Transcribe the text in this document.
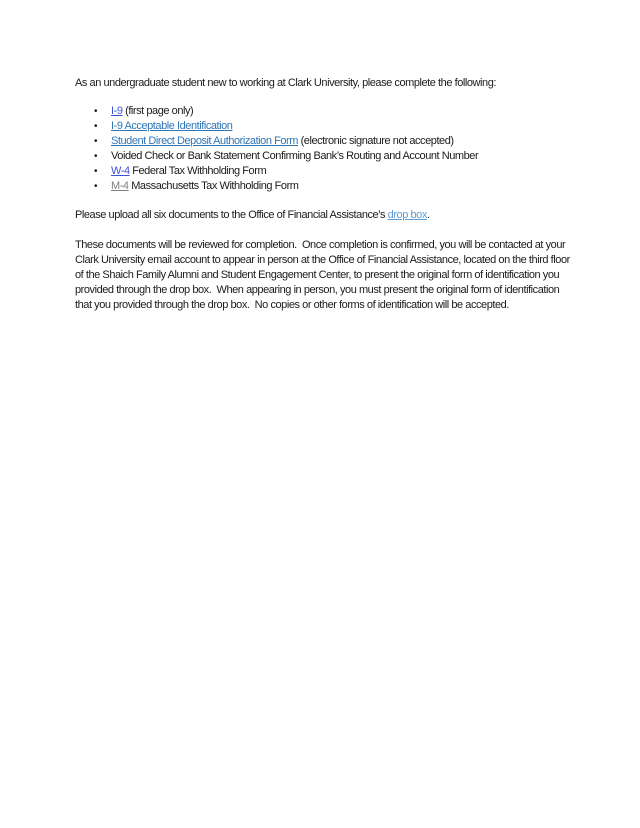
As an undergraduate student new to working at Clark University, please complete the following:

•	I-9 (first page only)
•	I-9 Acceptable Identification
•	Student Direct Deposit Authorization Form (electronic signature not accepted)
•	Voided Check or Bank Statement Confirming Bank’s Routing and Account Number
•	W-4 Federal Tax Withholding Form
•	M-4 Massachusetts Tax Withholding Form

Please upload all six documents to the Office of Financial Assistance’s drop box.

These documents will be reviewed for completion.  Once completion is confirmed, you will be contacted at your Clark University email account to appear in person at the Office of Financial Assistance, located on the third floor of the Shaich Family Alumni and Student Engagement Center, to present the original form of identification you provided through the drop box.  When appearing in person, you must present the original form of identification that you provided through the drop box.  No copies or other forms of identification will be accepted.
